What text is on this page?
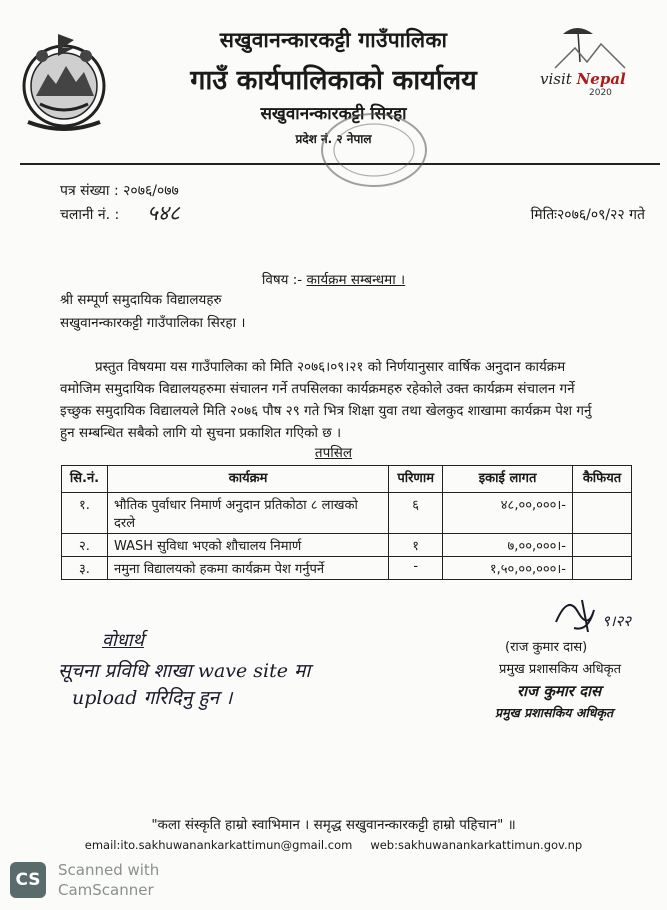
visit Nepal
2020
सखुवानन्कारकट्टी गाउँपालिका
गाउँ कार्यपालिकाको कार्यालय
सखुवानन्कारकट्टी सिरहा
प्रदेश नं. २ नेपाल
पत्र संख्या : २०७६/०७७
चलानी नं. : ५४८	मितिः२०७६/०९/२२ गते
विषय :- कार्यक्रम सम्बन्धमा ।
श्री सम्पूर्ण समुदायिक विद्यालयहरु
सखुवानन्कारकट्टी गाउँपालिका सिरहा ।
प्रस्तुत विषयमा यस गाउँपालिका को मिति २०७६।०९।२१ को निर्णयानुसार वार्षिक अनुदान कार्यक्रम
वमोजिम समुदायिक विद्यालयहरुमा संचालन गर्ने तपसिलका कार्यक्रमहरु रहेकोले उक्त कार्यक्रम संचालन गर्ने
इच्छुक समुदायिक विद्यालयले मिति २०७६ पौष २९ गते भित्र शिक्षा युवा तथा खेलकुद शाखामा कार्यक्रम पेश गर्नु
हुन सम्बन्धित सबैको लागि यो सुचना प्रकाशित गएिको छ ।
तपसिल
सि.नं.	कार्यक्रम	परिणाम	इकाई लागत	कैफियत
१.	भौतिक पुर्वाधार निमार्ण अनुदान प्रतिकोठा ८ लाखको दरले	६	४८,००,०००।-	
२.	WASH सुविधा भएको शौचालय निमार्ण	१	७,००,०००।-	
३.	नमुना विद्यालयको हकमा कार्यक्रम पेश गर्नुपर्ने	-	१,५०,००,०००।-	
९।२२
(राज कुमार दास)
प्रमुख प्रशासकिय अधिकृत
राज कुमार दास
प्रमुख प्रशासकिय अधिकृत
वोधार्थ
सूचना प्रविधि शाखा wave site मा
upload गरिदिनु हुन ।
"कला संस्कृति हाम्रो स्वाभिमान । समृद्ध सखुवानन्कारकट्टी हाम्रो पहिचान" ॥
email:ito.sakhuwanankarkattimun@gmail.com web:sakhuwanankarkattimun.gov.np
CS	Scanned with
CamScanner
